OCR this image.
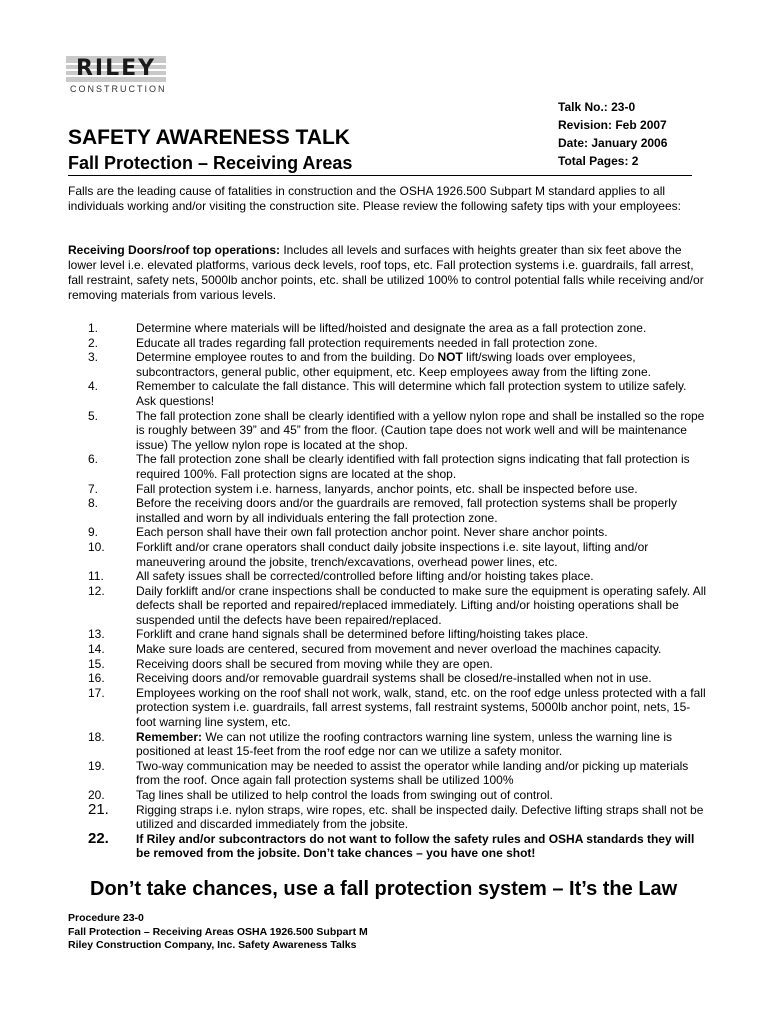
RILEY
CONSTRUCTION
Talk No.: 23-0
Revision: Feb 2007
Date: January 2006
Total Pages: 2
SAFETY AWARENESS TALK
Fall Protection – Receiving Areas
Falls are the leading cause of fatalities in construction and the OSHA 1926.500 Subpart M standard applies to all individuals working and/or visiting the construction site. Please review the following safety tips with your employees:
Receiving Doors/roof top operations: Includes all levels and surfaces with heights greater than six feet above the lower level i.e. elevated platforms, various deck levels, roof tops, etc. Fall protection systems i.e. guardrails, fall arrest, fall restraint, safety nets, 5000lb anchor points, etc. shall be utilized 100% to control potential falls while receiving and/or removing materials from various levels.
1.	Determine where materials will be lifted/hoisted and designate the area as a fall protection zone.
2.	Educate all trades regarding fall protection requirements needed in fall protection zone.
3.	Determine employee routes to and from the building. Do NOT lift/swing loads over employees, subcontractors, general public, other equipment, etc. Keep employees away from the lifting zone.
4.	Remember to calculate the fall distance. This will determine which fall protection system to utilize safely. Ask questions!
5.	The fall protection zone shall be clearly identified with a yellow nylon rope and shall be installed so the rope is roughly between 39” and 45” from the floor. (Caution tape does not work well and will be maintenance issue) The yellow nylon rope is located at the shop.
6.	The fall protection zone shall be clearly identified with fall protection signs indicating that fall protection is required 100%. Fall protection signs are located at the shop.
7.	Fall protection system i.e. harness, lanyards, anchor points, etc. shall be inspected before use.
8.	Before the receiving doors and/or the guardrails are removed, fall protection systems shall be properly installed and worn by all individuals entering the fall protection zone.
9.	Each person shall have their own fall protection anchor point. Never share anchor points.
10.	Forklift and/or crane operators shall conduct daily jobsite inspections i.e. site layout, lifting and/or maneuvering around the jobsite, trench/excavations, overhead power lines, etc.
11.	All safety issues shall be corrected/controlled before lifting and/or hoisting takes place.
12.	Daily forklift and/or crane inspections shall be conducted to make sure the equipment is operating safely. All defects shall be reported and repaired/replaced immediately. Lifting and/or hoisting operations shall be suspended until the defects have been repaired/replaced.
13.	Forklift and crane hand signals shall be determined before lifting/hoisting takes place.
14.	Make sure loads are centered, secured from movement and never overload the machines capacity.
15.	Receiving doors shall be secured from moving while they are open.
16.	Receiving doors and/or removable guardrail systems shall be closed/re-installed when not in use.
17.	Employees working on the roof shall not work, walk, stand, etc. on the roof edge unless protected with a fall protection system i.e. guardrails, fall arrest systems, fall restraint systems, 5000lb anchor point, nets, 15-foot warning line system, etc.
18.	Remember: We can not utilize the roofing contractors warning line system, unless the warning line is positioned at least 15-feet from the roof edge nor can we utilize a safety monitor.
19.	Two-way communication may be needed to assist the operator while landing and/or picking up materials from the roof. Once again fall protection systems shall be utilized 100%
20.	Tag lines shall be utilized to help control the loads from swinging out of control.
21.	Rigging straps i.e. nylon straps, wire ropes, etc. shall be inspected daily. Defective lifting straps shall not be utilized and discarded immediately from the jobsite.
22.	If Riley and/or subcontractors do not want to follow the safety rules and OSHA standards they will be removed from the jobsite. Don’t take chances – you have one shot!
Don’t take chances, use a fall protection system – It’s the Law
Procedure 23-0
Fall Protection – Receiving Areas OSHA 1926.500 Subpart M
Riley Construction Company, Inc. Safety Awareness Talks
